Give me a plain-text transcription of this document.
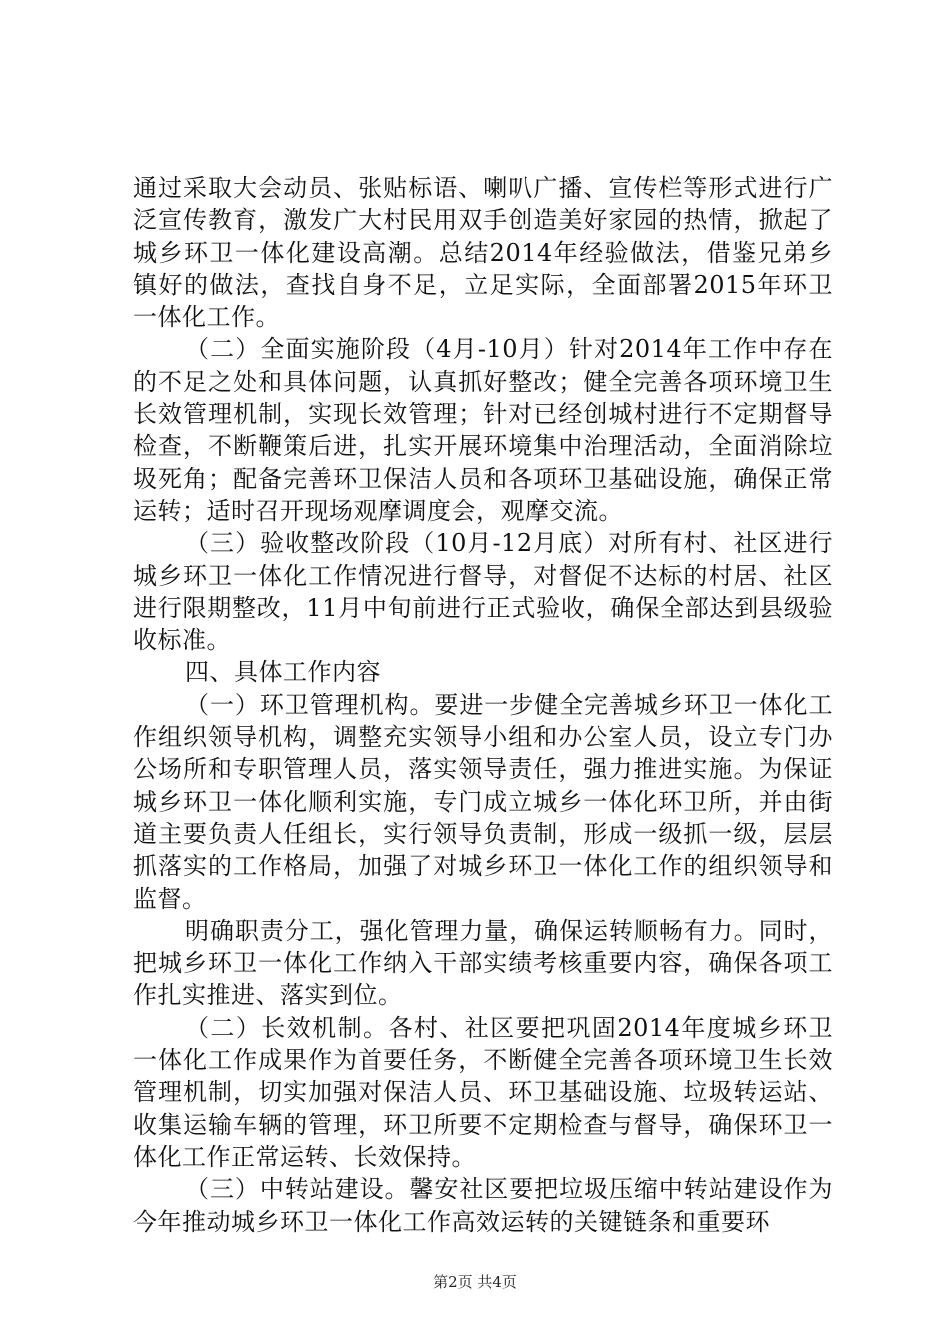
通过采取大会动员、张贴标语、喇叭广播、宣传栏等形式进行广泛宣传教育，激发广大村民用双手创造美好家园的热情，掀起了城乡环卫一体化建设高潮。总结2014年经验做法，借鉴兄弟乡镇好的做法，查找自身不足，立足实际，全面部署2015年环卫一体化工作。

（二）全面实施阶段（4月-10月）针对2014年工作中存在的不足之处和具体问题，认真抓好整改；健全完善各项环境卫生长效管理机制，实现长效管理；针对已经创城村进行不定期督导检查，不断鞭策后进，扎实开展环境集中治理活动，全面消除垃圾死角；配备完善环卫保洁人员和各项环卫基础设施，确保正常运转；适时召开现场观摩调度会，观摩交流。

（三）验收整改阶段（10月-12月底）对所有村、社区进行城乡环卫一体化工作情况进行督导，对督促不达标的村居、社区进行限期整改，11月中旬前进行正式验收，确保全部达到县级验收标准。

四、具体工作内容

（一）环卫管理机构。要进一步健全完善城乡环卫一体化工作组织领导机构，调整充实领导小组和办公室人员，设立专门办公场所和专职管理人员，落实领导责任，强力推进实施。为保证城乡环卫一体化顺利实施，专门成立城乡一体化环卫所，并由街道主要负责人任组长，实行领导负责制，形成一级抓一级，层层抓落实的工作格局，加强了对城乡环卫一体化工作的组织领导和监督。

明确职责分工，强化管理力量，确保运转顺畅有力。同时，把城乡环卫一体化工作纳入干部实绩考核重要内容，确保各项工作扎实推进、落实到位。

（二）长效机制。各村、社区要把巩固2014年度城乡环卫一体化工作成果作为首要任务，不断健全完善各项环境卫生长效管理机制，切实加强对保洁人员、环卫基础设施、垃圾转运站、收集运输车辆的管理，环卫所要不定期检查与督导，确保环卫一体化工作正常运转、长效保持。

（三）中转站建设。馨安社区要把垃圾压缩中转站建设作为今年推动城乡环卫一体化工作高效运转的关键链条和重要环

第2页 共4页
